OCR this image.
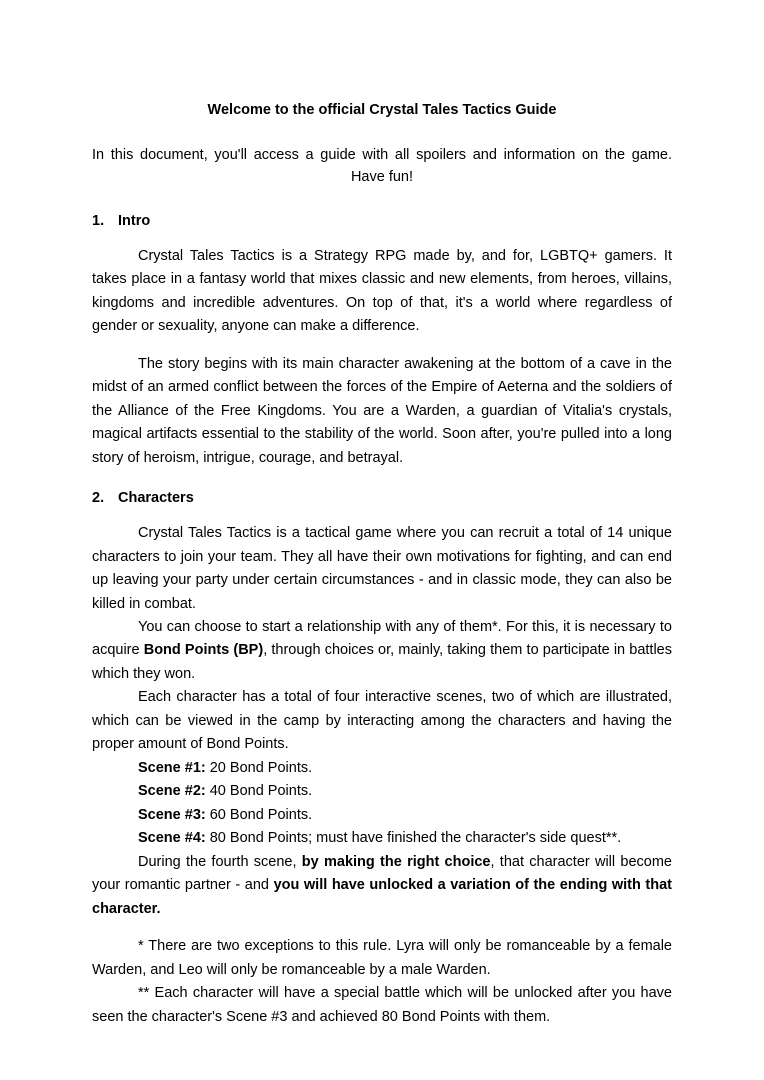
Welcome to the official Crystal Tales Tactics Guide

In this document, you'll access a guide with all spoilers and information on the game.
Have fun!

1. Intro

Crystal Tales Tactics is a Strategy RPG made by, and for, LGBTQ+ gamers. It takes place in a fantasy world that mixes classic and new elements, from heroes, villains, kingdoms and incredible adventures. On top of that, it's a world where regardless of gender or sexuality, anyone can make a difference.

The story begins with its main character awakening at the bottom of a cave in the midst of an armed conflict between the forces of the Empire of Aeterna and the soldiers of the Alliance of the Free Kingdoms. You are a Warden, a guardian of Vitalia's crystals, magical artifacts essential to the stability of the world. Soon after, you're pulled into a long story of heroism, intrigue, courage, and betrayal.

2. Characters

Crystal Tales Tactics is a tactical game where you can recruit a total of 14 unique characters to join your team. They all have their own motivations for fighting, and can end up leaving your party under certain circumstances - and in classic mode, they can also be killed in combat.

You can choose to start a relationship with any of them*. For this, it is necessary to acquire Bond Points (BP), through choices or, mainly, taking them to participate in battles which they won.

Each character has a total of four interactive scenes, two of which are illustrated, which can be viewed in the camp by interacting among the characters and having the proper amount of Bond Points.

Scene #1: 20 Bond Points.

Scene #2: 40 Bond Points.

Scene #3: 60 Bond Points.

Scene #4: 80 Bond Points; must have finished the character's side quest**.

During the fourth scene, by making the right choice, that character will become your romantic partner - and you will have unlocked a variation of the ending with that character.

* There are two exceptions to this rule. Lyra will only be romanceable by a female Warden, and Leo will only be romanceable by a male Warden.

** Each character will have a special battle which will be unlocked after you have seen the character's Scene #3 and achieved 80 Bond Points with them.
